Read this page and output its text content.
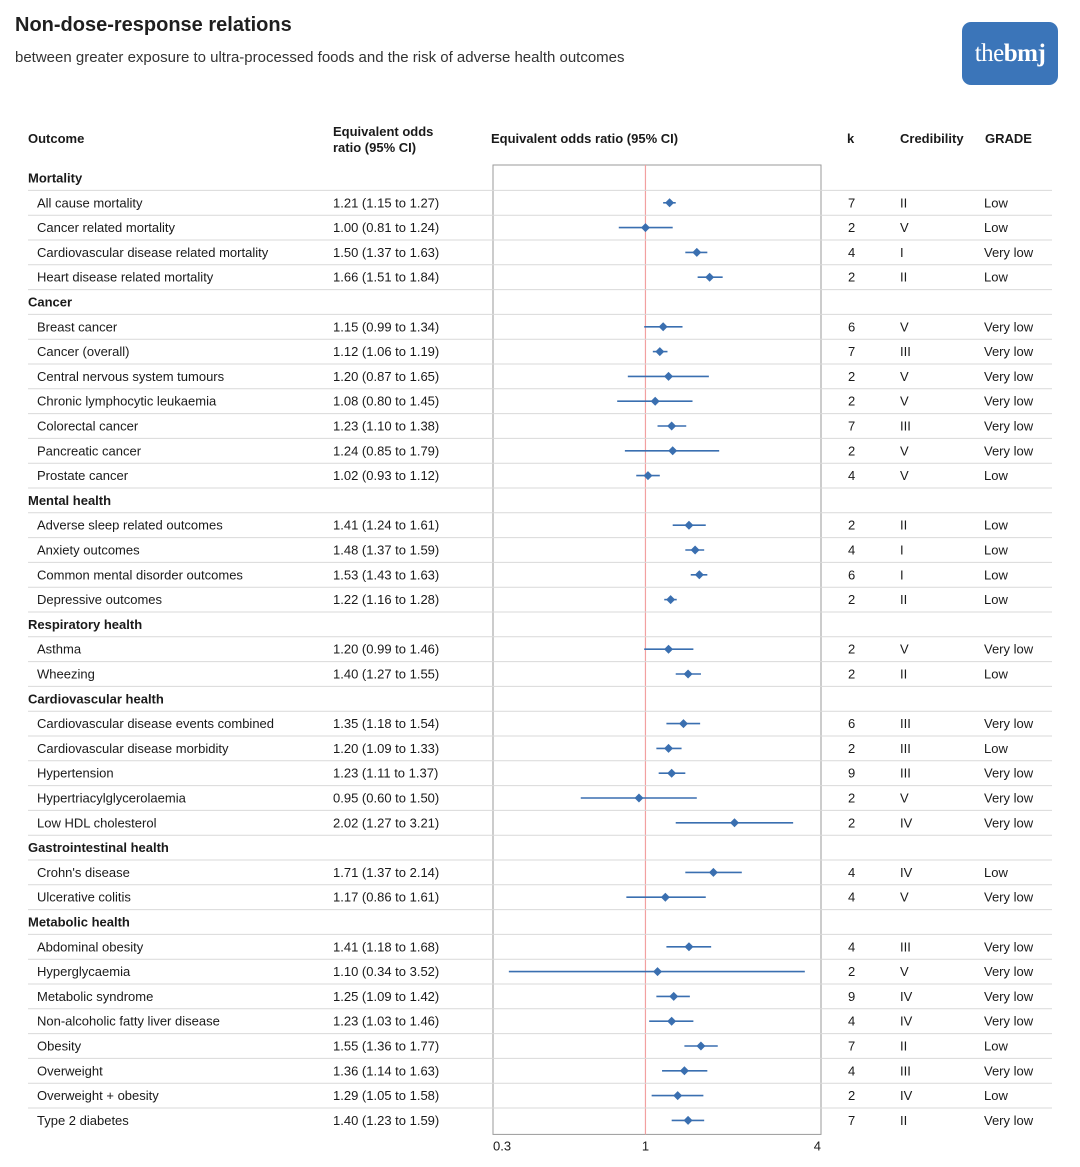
Non-dose-response relations

between greater exposure to ultra-processed foods and the risk of adverse health outcomes	the bmj
Outcome	Equivalent odds
ratio (95% CI)
Equivalent odds ratio (95% CI)	k	Credibility GRADE
0.3	1	4
Mortality
All cause mortality	1.21 (1.15 to 1.27)	7	II	Low
Cancer related mortality	1.00 (0.81 to 1.24)	2	V	Low
Cardiovascular disease related mortality	1.50 (1.37 to 1.63)	4	I	Very low
Heart disease related mortality	1.66 (1.51 to 1.84)	2	II	Low
Cancer
Breast cancer	1.15 (0.99 to 1.34)	6	V	Very low
Cancer (overall)	1.12 (1.06 to 1.19)	7	III	Very low
Central nervous system tumours	1.20 (0.87 to 1.65)	2	V	Very low
Chronic lymphocytic leukaemia	1.08 (0.80 to 1.45)	2	V	Very low
Colorectal cancer	1.23 (1.10 to 1.38)	7	III	Very low
Pancreatic cancer	1.24 (0.85 to 1.79)	2	V	Very low
Prostate cancer	1.02 (0.93 to 1.12)	4	V	Low
Mental health
Adverse sleep related outcomes	1.41 (1.24 to 1.61)	2	II	Low
Anxiety outcomes	1.48 (1.37 to 1.59)	4	I	Low
Common mental disorder outcomes	1.53 (1.43 to 1.63)	6	I	Low
Depressive outcomes	1.22 (1.16 to 1.28)	2	II	Low
Respiratory health
Asthma	1.20 (0.99 to 1.46)	2	V	Very low
Wheezing	1.40 (1.27 to 1.55)	2	II	Low
Cardiovascular health
Cardiovascular disease events combined	1.35 (1.18 to 1.54)	6	III	Very low
Cardiovascular disease morbidity	1.20 (1.09 to 1.33)	2	III	Low
Hypertension	1.23 (1.11 to 1.37)	9	III	Very low
Hypertriacylglycerolaemia	0.95 (0.60 to 1.50)	2	V	Very low
Low HDL cholesterol	2.02 (1.27 to 3.21)	2	IV	Very low
Gastrointestinal health
Crohn's disease	1.71 (1.37 to 2.14)	4	IV	Low
Ulcerative colitis	1.17 (0.86 to 1.61)	4	V	Very low
Metabolic health
Abdominal obesity	1.41 (1.18 to 1.68)	4	III	Very low
Hyperglycaemia	1.10 (0.34 to 3.52)	2	V	Very low
Metabolic syndrome	1.25 (1.09 to 1.42)	9	IV	Very low
Non-alcoholic fatty liver disease	1.23 (1.03 to 1.46)	4	IV	Very low
Obesity	1.55 (1.36 to 1.77)	7	II	Low
Overweight	1.36 (1.14 to 1.63)	4	III	Very low
Overweight + obesity	1.29 (1.05 to 1.58)	2	IV	Low
Type 2 diabetes	1.40 (1.23 to 1.59)	7	II	Very low
